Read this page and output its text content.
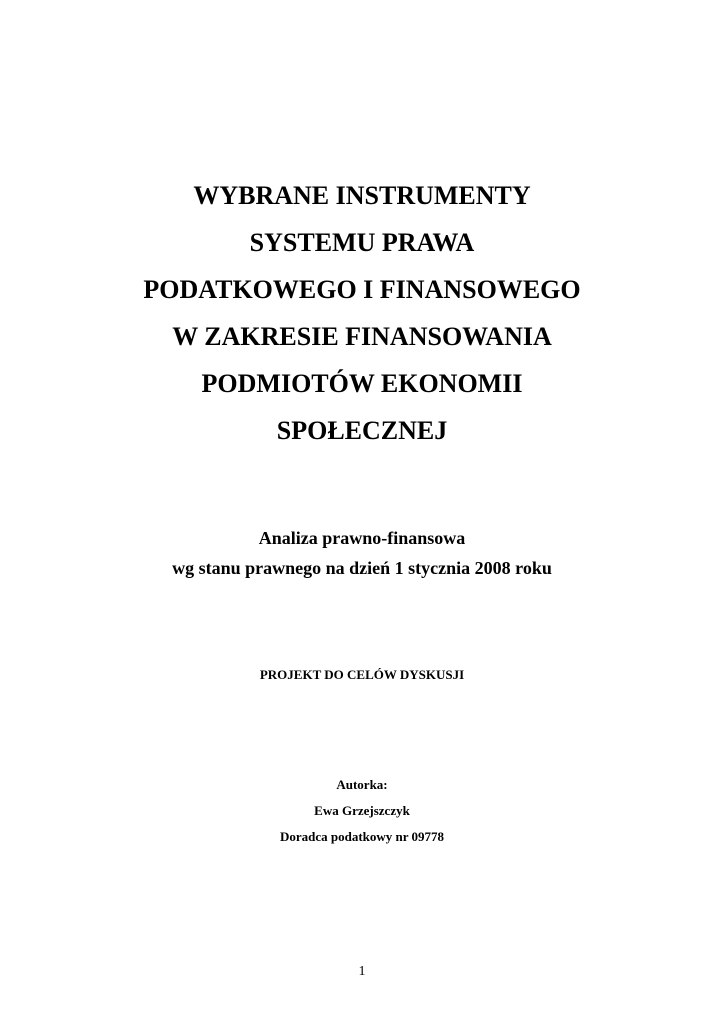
WYBRANE INSTRUMENTY
SYSTEMU PRAWA
PODATKOWEGO I FINANSOWEGO
W ZAKRESIE FINANSOWANIA
PODMIOTÓW EKONOMII
SPOŁECZNEJ
Analiza prawno-finansowa
wg stanu prawnego na dzień 1 stycznia 2008 roku
PROJEKT DO CELÓW DYSKUSJI
Autorka:
Ewa Grzejszczyk
Doradca podatkowy nr 09778
1
